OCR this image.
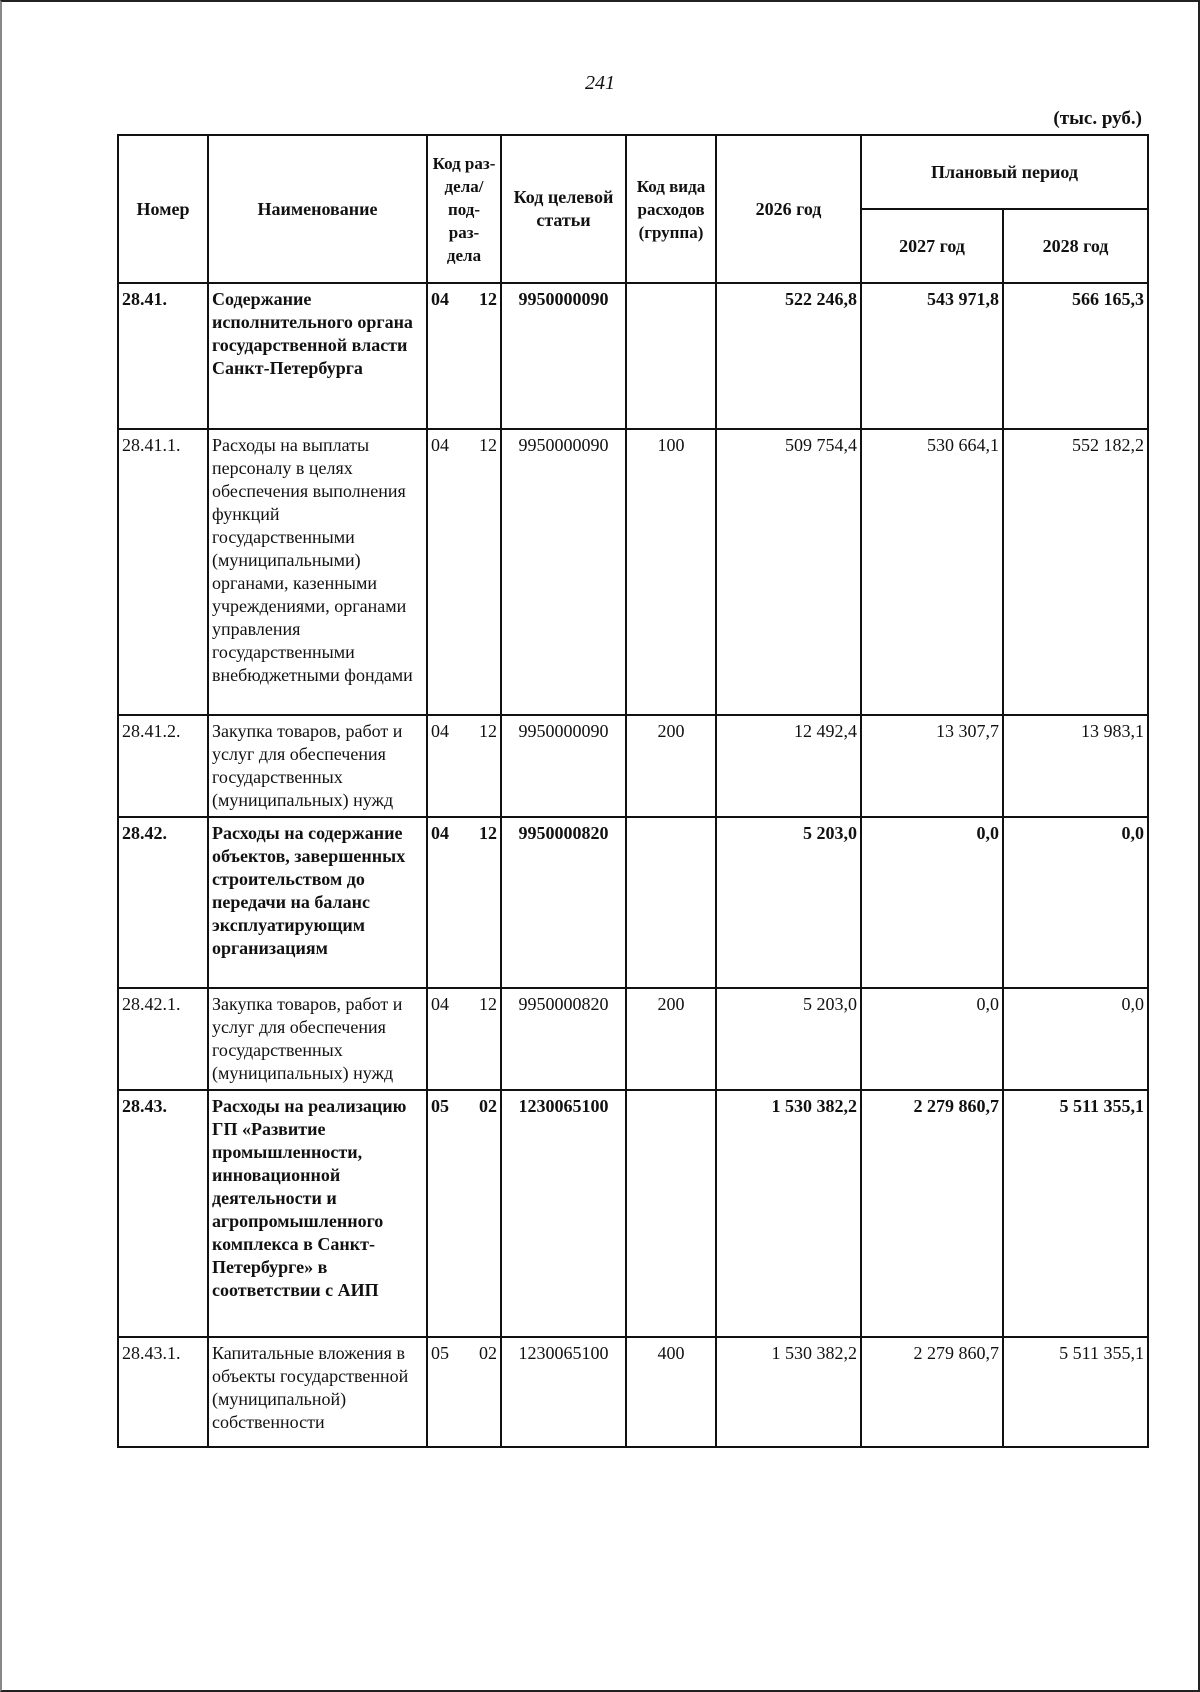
241
(тыс. руб.)
Номер	Наименование	Код раз- дела/ под- раз- дела	Код целевой статьи	Код вида расходов (группа)	2026 год	Плановый период	
						2027 год	2028 год
28.41.	Содержание исполнительного органа государственной власти Санкт-Петербурга	04 12	9950000090		522 246,8	543 971,8	566 165,3
28.41.1.	Расходы на выплаты персоналу в целях обеспечения выполнения функций государственными (муниципальными) органами, казенными учреждениями, органами управления государственными внебюджетными фондами	04 12	9950000090	100	509 754,4	530 664,1	552 182,2
28.41.2.	Закупка товаров, работ и услуг для обеспечения государственных (муниципальных) нужд	04 12	9950000090	200	12 492,4	13 307,7	13 983,1
28.42.	Расходы на содержание объектов, завершенных строительством до передачи на баланс эксплуатирующим организациям	04 12	9950000820		5 203,0	0,0	0,0
28.42.1.	Закупка товаров, работ и услуг для обеспечения государственных (муниципальных) нужд	04 12	9950000820	200	5 203,0	0,0	0,0
28.43.	Расходы на реализацию ГП «Развитие промышленности, инновационной деятельности и агропромышленного комплекса в Санкт-Петербурге» в соответствии с АИП	05 02	1230065100		1 530 382,2	2 279 860,7	5 511 355,1
28.43.1.	Капитальные вложения в объекты государственной (муниципальной) собственности	05 02	1230065100	400	1 530 382,2	2 279 860,7	5 511 355,1
